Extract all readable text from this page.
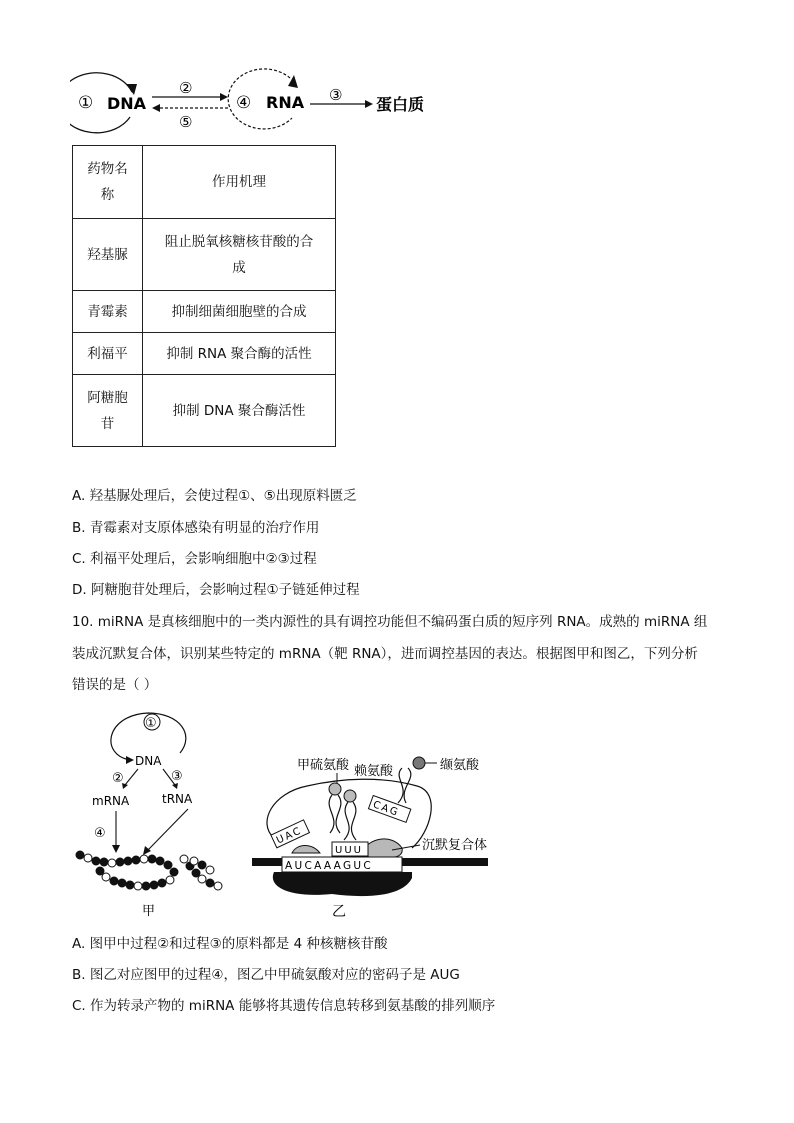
① DNA
②
⑤
④ RNA ③ 蛋白质
药物名称	作用机理
羟基脲	阻止脱氧核糖核苷酸的合成

青霉素	抑制细菌细胞壁的合成
利福平	抑制 RNA 聚合酶的活性

阿糖胞苷	抑制 DNA 聚合酶活性
A. 羟基脲处理后，会使过程①、⑤出现原料匮乏
B. 青霉素对支原体感染有明显的治疗作用
C. 利福平处理后，会影响细胞中②③过程
D. 阿糖胞苷处理后，会影响过程①子链延伸过程
10. miRNA 是真核细胞中的一类内源性的具有调控功能但不编码蛋白质的短序列 RNA。成熟的 miRNA 组
装成沉默复合体，识别某些特定的 mRNA（靶 RNA），进而调控基因的表达。根据图甲和图乙，下列分析
错误的是（ ）
①
DNA
②	③
mRNA	tRNA
④
甲
甲硫氨酸 赖氨酸	缬氨酸
UAC
UUU
CAG
沉默复合体
AUCAAAGUC
乙
A. 图甲中过程②和过程③的原料都是 4 种核糖核苷酸
B. 图乙对应图甲的过程④，图乙中甲硫氨酸对应的密码子是 AUG
C. 作为转录产物的 miRNA 能够将其遗传信息转移到氨基酸的排列顺序
